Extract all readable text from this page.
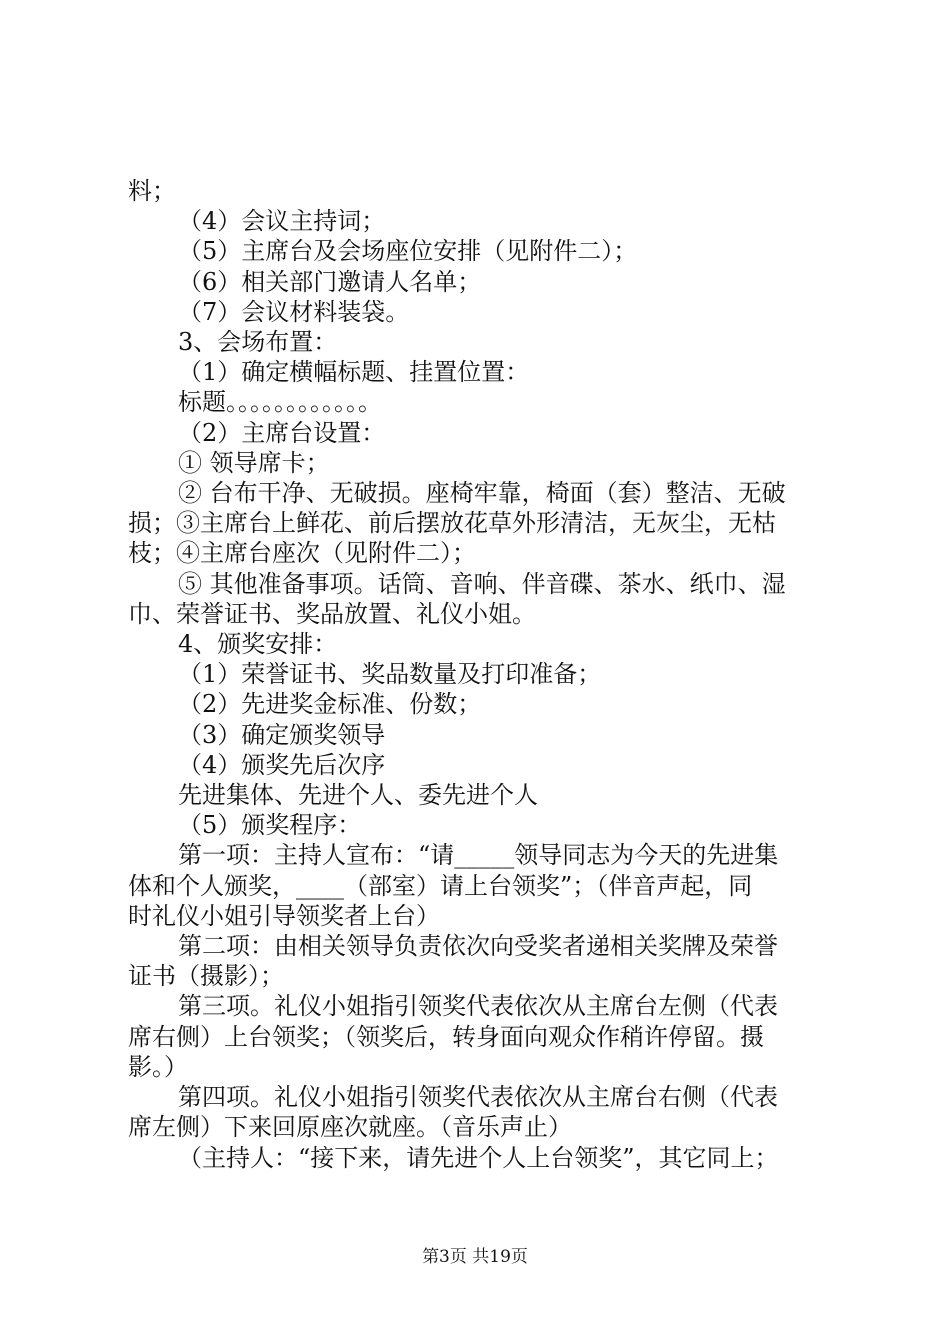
料；

（4）会议主持词；

（5）主席台及会场座位安排（见附件二）；

（6）相关部门邀请人名单；

（7）会议材料装袋。

3、会场布置：

（1）确定横幅标题、挂置位置：

标题。。。。。。。。。。。。

（2）主席台设置：

① 领导席卡；

② 台布干净、无破损。座椅牢靠，椅面（套）整洁、无破

损；③主席台上鲜花、前后摆放花草外形清洁，无灰尘，无枯

枝；④主席台座次（见附件二）；

⑤ 其他准备事项。话筒、音响、伴音碟、茶水、纸巾、湿

巾、荣誉证书、奖品放置、礼仪小姐。

4、颁奖安排：

（1）荣誉证书、奖品数量及打印准备；

（2）先进奖金标准、份数；

（3）确定颁奖领导

（4）颁奖先后次序

先进集体、先进个人、委先进个人

（5）颁奖程序：

第一项：主持人宣布：“请_____领导同志为今天的先进集

体和个人颁奖，____（部室）请上台领奖”；（伴音声起，同

时礼仪小姐引导领奖者上台）

第二项：由相关领导负责依次向受奖者递相关奖牌及荣誉

证书（摄影）；

第三项。礼仪小姐指引领奖代表依次从主席台左侧（代表

席右侧）上台领奖；（领奖后，转身面向观众作稍许停留。摄

影。）

第四项。礼仪小姐指引领奖代表依次从主席台右侧（代表

席左侧）下来回原座次就座。（音乐声止）

（主持人：“接下来，请先进个人上台领奖”，其它同上；

第3页 共19页
